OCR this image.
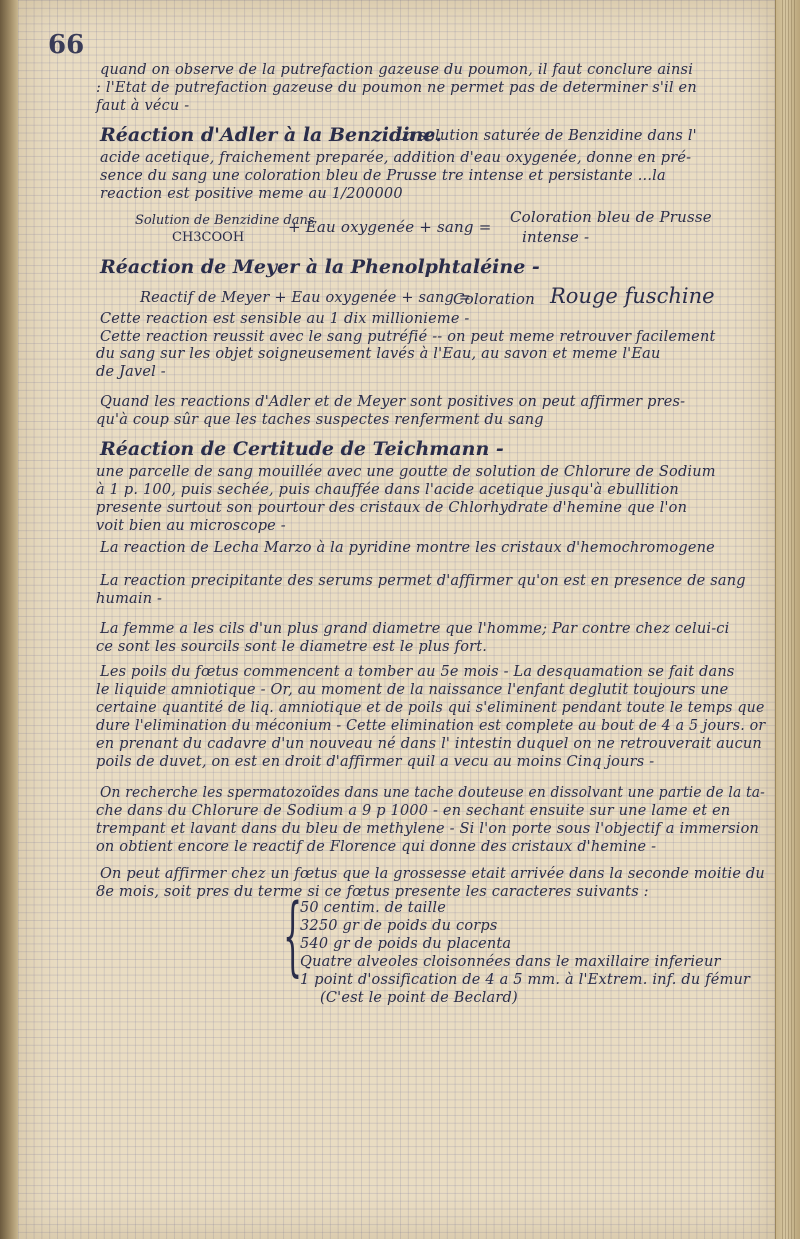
66
quand on observe de la putrefaction gazeuse du poumon, il faut conclure ainsi
: l'Etat de putrefaction gazeuse du poumon ne permet pas de determiner s'il en
faut à vécu -
Réaction d'Adler à la Benzidine.
La solution saturée de Benzidine dans l'
acide acetique, fraichement preparée, addition d'eau oxygenée, donne en pré-
sence du sang une coloration bleu de Prusse tre intense et persistante ...la
reaction est positive meme au 1/200000
Solution de Benzidine dans
CH3COOH
+ Eau oxygenée + sang =
Coloration bleu de Prusse
intense -
Réaction de Meyer à la Phenolphtaléine -
Reactif de Meyer + Eau oxygenée + sang =
Coloration Rouge fuschine
Cette reaction est sensible au 1 dix millionieme -
Cette reaction reussit avec le sang putréfié -- on peut meme retrouver facilement
du sang sur les objet soigneusement lavés à l'Eau, au savon et meme l'Eau
de Javel -
Quand les reactions d'Adler et de Meyer sont positives on peut affirmer pres-
qu'à coup sûr que les taches suspectes renferment du sang
Réaction de Certitude de Teichmann -
une parcelle de sang mouillée avec une goutte de solution de Chlorure de Sodium
à 1 p. 100, puis sechée, puis chauffée dans l'acide acetique jusqu'à ebullition
presente surtout son pourtour des cristaux de Chlorhydrate d'hemine que l'on
voit bien au microscope -
La reaction de Lecha Marzo à la pyridine montre les cristaux d'hemochromogene
La reaction precipitante des serums permet d'affirmer qu'on est en presence de sang
humain -
La femme a les cils d'un plus grand diametre que l'homme; Par contre chez celui-ci
ce sont les sourcils sont le diametre est le plus fort.
Les poils du fœtus commencent a tomber au 5e mois - La desquamation se fait dans
le liquide amniotique - Or, au moment de la naissance l'enfant deglutit toujours une
certaine quantité de liq. amniotique et de poils qui s'eliminent pendant toute le temps que
dure l'elimination du méconium - Cette elimination est complete au bout de 4 a 5 jours. or
en prenant du cadavre d'un nouveau né dans l' intestin duquel on ne retrouverait aucun
poils de duvet, on est en droit d'affirmer quil a vecu au moins Cinq jours -
On recherche les spermatozoïdes dans une tache douteuse en dissolvant une partie de la ta-
che dans du Chlorure de Sodium a 9 p 1000 - en sechant ensuite sur une lame et en
trempant et lavant dans du bleu de methylene - Si l'on porte sous l'objectif a immersion
on obtient encore le reactif de Florence qui donne des cristaux d'hemine -
On peut affirmer chez un fœtus que la grossesse etait arrivée dans la seconde moitie du
8e mois, soit pres du terme si ce fœtus presente les caracteres suivants :
{
50 centim. de taille
3250 gr de poids du corps
540 gr de poids du placenta
Quatre alveoles cloisonnées dans le maxillaire inferieur
1 point d'ossification de 4 a 5 mm. à l'Extrem. inf. du fémur
(C'est le point de Beclard)
